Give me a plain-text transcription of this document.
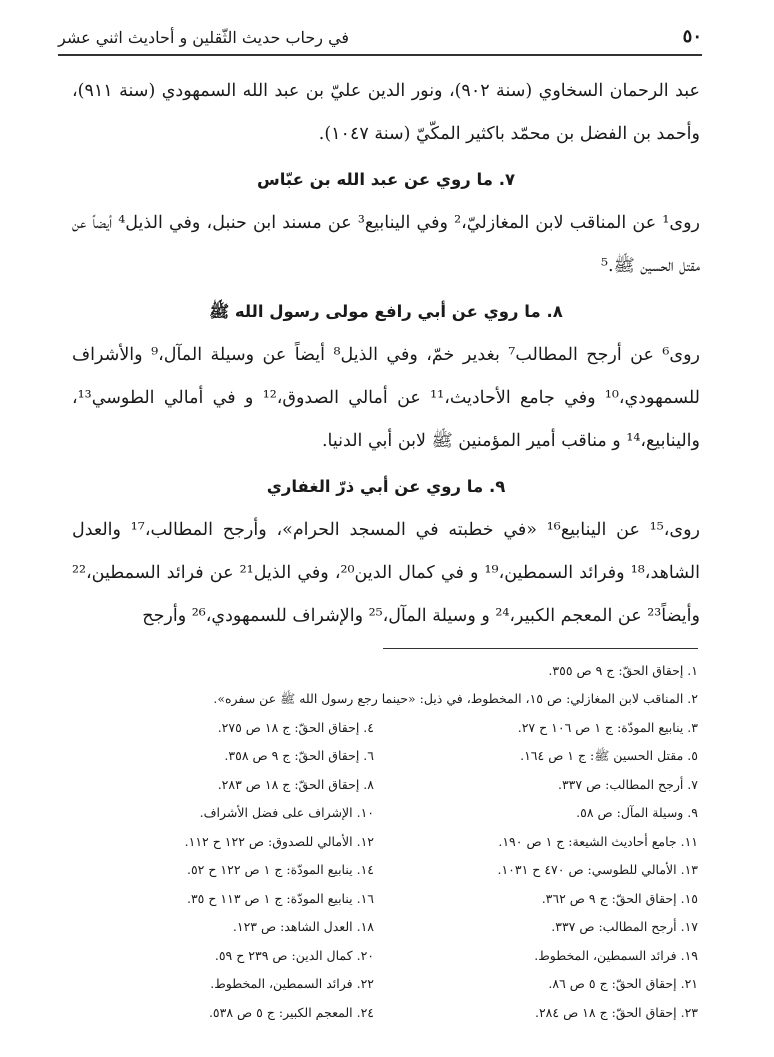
٥٠
في رحاب حديث الثّقلين و أحاديث اثني عشر

عبد الرحمان السخاوي (سنة ٩٠٢)، ونور الدين عليّ بن عبد الله السمهودي (سنة ٩١١)، وأحمد بن الفضل بن محمّد باكثير المكّيّ (سنة ١٠٤٧).

٧. ما روي عن عبد الله بن عبّاس

روى¹ عن المناقب لابن المغازليّ،² وفي الينابيع³ عن مسند ابن حنبل، وفي الذيل⁴ أيضاً عن مقتل الحسين ﷺ.⁵

٨. ما روي عن أبي رافع مولى رسول الله ﷺ

روى⁶ عن أرجح المطالب⁷ بغدير خمّ، وفي الذيل⁸ أيضاً عن وسيلة المآل،⁹ والأشراف للسمهودي،¹⁰ وفي جامع الأحاديث،¹¹ عن أمالي الصدوق،¹² و في أمالي الطوسي¹³، والينابيع،¹⁴ و مناقب أمير المؤمنين ﷺ لابن أبي الدنيا.

٩. ما روي عن أبي ذرّ الغفاري

روى،¹⁵ عن الينابيع¹⁶ «في خطبته في المسجد الحرام»، وأرجح المطالب،¹⁷ والعدل الشاهد،¹⁸ وفرائد السمطين،¹⁹ و في كمال الدين²⁰، وفي الذيل²¹ عن فرائد السمطين،²² وأيضاً²³ عن المعجم الكبير،²⁴ و وسيلة المآل،²⁵ والإشراف للسمهودي،²⁶ وأرجح

١. إحقاق الحقّ: ج ٩ ص ٣٥٥.
٢. المناقب لابن المغازلي: ص ١٥، المخطوط، في ذيل: «حينما رجع رسول الله ﷺ عن سفره».
٣. ينابيع المودّة: ج ١ ص ١٠٦ ح ٢٧.
٤. إحقاق الحقّ: ج ١٨ ص ٢٧٥.
٥. مقتل الحسين ﷺ: ج ١ ص ١٦٤.
٦. إحقاق الحقّ: ج ٩ ص ٣٥٨.
٧. أرجح المطالب: ص ٣٣٧.
٨. إحقاق الحقّ: ج ١٨ ص ٢٨٣.
٩. وسيلة المآل: ص ٥٨.
١٠. الإشراف على فضل الأشراف.
١١. جامع أحاديث الشيعة: ج ١ ص ١٩٠.
١٢. الأمالي للصدوق: ص ١٢٢ ح ١١٢.
١٣. الأمالي للطوسي: ص ٤٧٠ ح ١٠٣١.
١٤. ينابيع المودّة: ج ١ ص ١٢٢ ح ٥٢.
١٥. إحقاق الحقّ: ج ٩ ص ٣٦٢.
١٦. ينابيع المودّة: ج ١ ص ١١٣ ح ٣٥.
١٧. أرجح المطالب: ص ٣٣٧.
١٨. العدل الشاهد: ص ١٢٣.
١٩. فرائد السمطين، المخطوط.
٢٠. كمال الدين: ص ٢٣٩ ح ٥٩.
٢١. إحقاق الحقّ: ج ٥ ص ٨٦.
٢٢. فرائد السمطين، المخطوط.
٢٣. إحقاق الحقّ: ج ١٨ ص ٢٨٤.
٢٤. المعجم الكبير: ج ٥ ص ٥٣٨.
